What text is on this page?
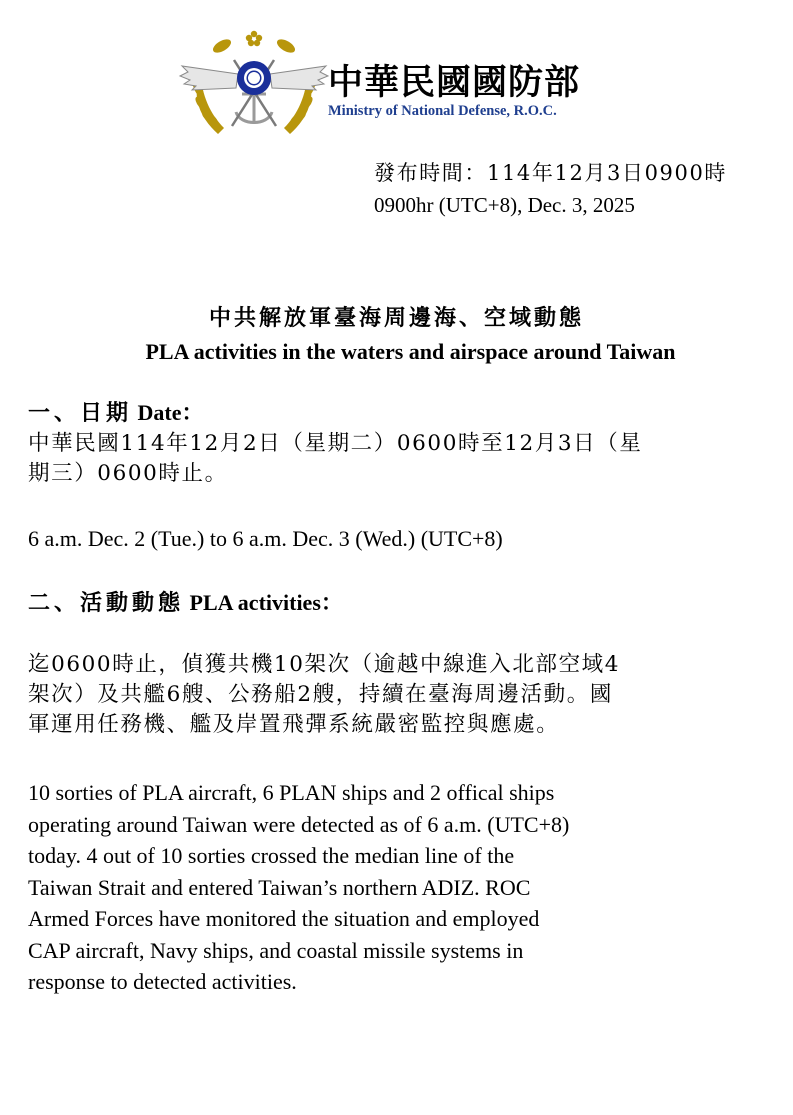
中華民國國防部
Ministry of National Defense, R.O.C.
發布時間：114年12月3日0900時
0900hr (UTC+8), Dec. 3, 2025
中共解放軍臺海周邊海、空域動態
PLA activities in the waters and airspace around Taiwan
一、日期 Date：
中華民國114年12月2日（星期二）0600時至12月3日（星
期三）0600時止。
6 a.m. Dec. 2 (Tue.) to 6 a.m. Dec. 3 (Wed.) (UTC+8)
二、活動動態 PLA activities：
迄0600時止，偵獲共機10架次（逾越中線進入北部空域4
架次）及共艦6艘、公務船2艘，持續在臺海周邊活動。國
軍運用任務機、艦及岸置飛彈系統嚴密監控與應處。
10 sorties of PLA aircraft, 6 PLAN ships and 2 offical ships
operating around Taiwan were detected as of 6 a.m. (UTC+8)
today. 4 out of 10 sorties crossed the median line of the
Taiwan Strait and entered Taiwan’s northern ADIZ. ROC
Armed Forces have monitored the situation and employed
CAP aircraft, Navy ships, and coastal missile systems in
response to detected activities.
